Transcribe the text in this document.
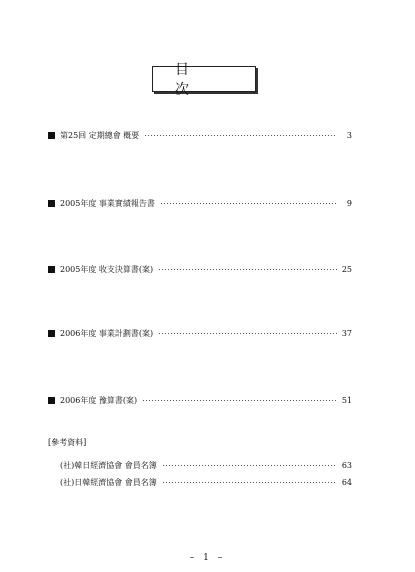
目 次
第25回 定期總會 槪要	3
2005年度 事業實績報告書	9
2005年度 收支決算書(案)	25
2006年度 事業計劃書(案)	37
2006年度 豫算書(案)	51
[參考資料]
(社)韓日經濟協會 會員名簿	63
(社)日韓經濟協會 會員名簿	64
– 1 –
